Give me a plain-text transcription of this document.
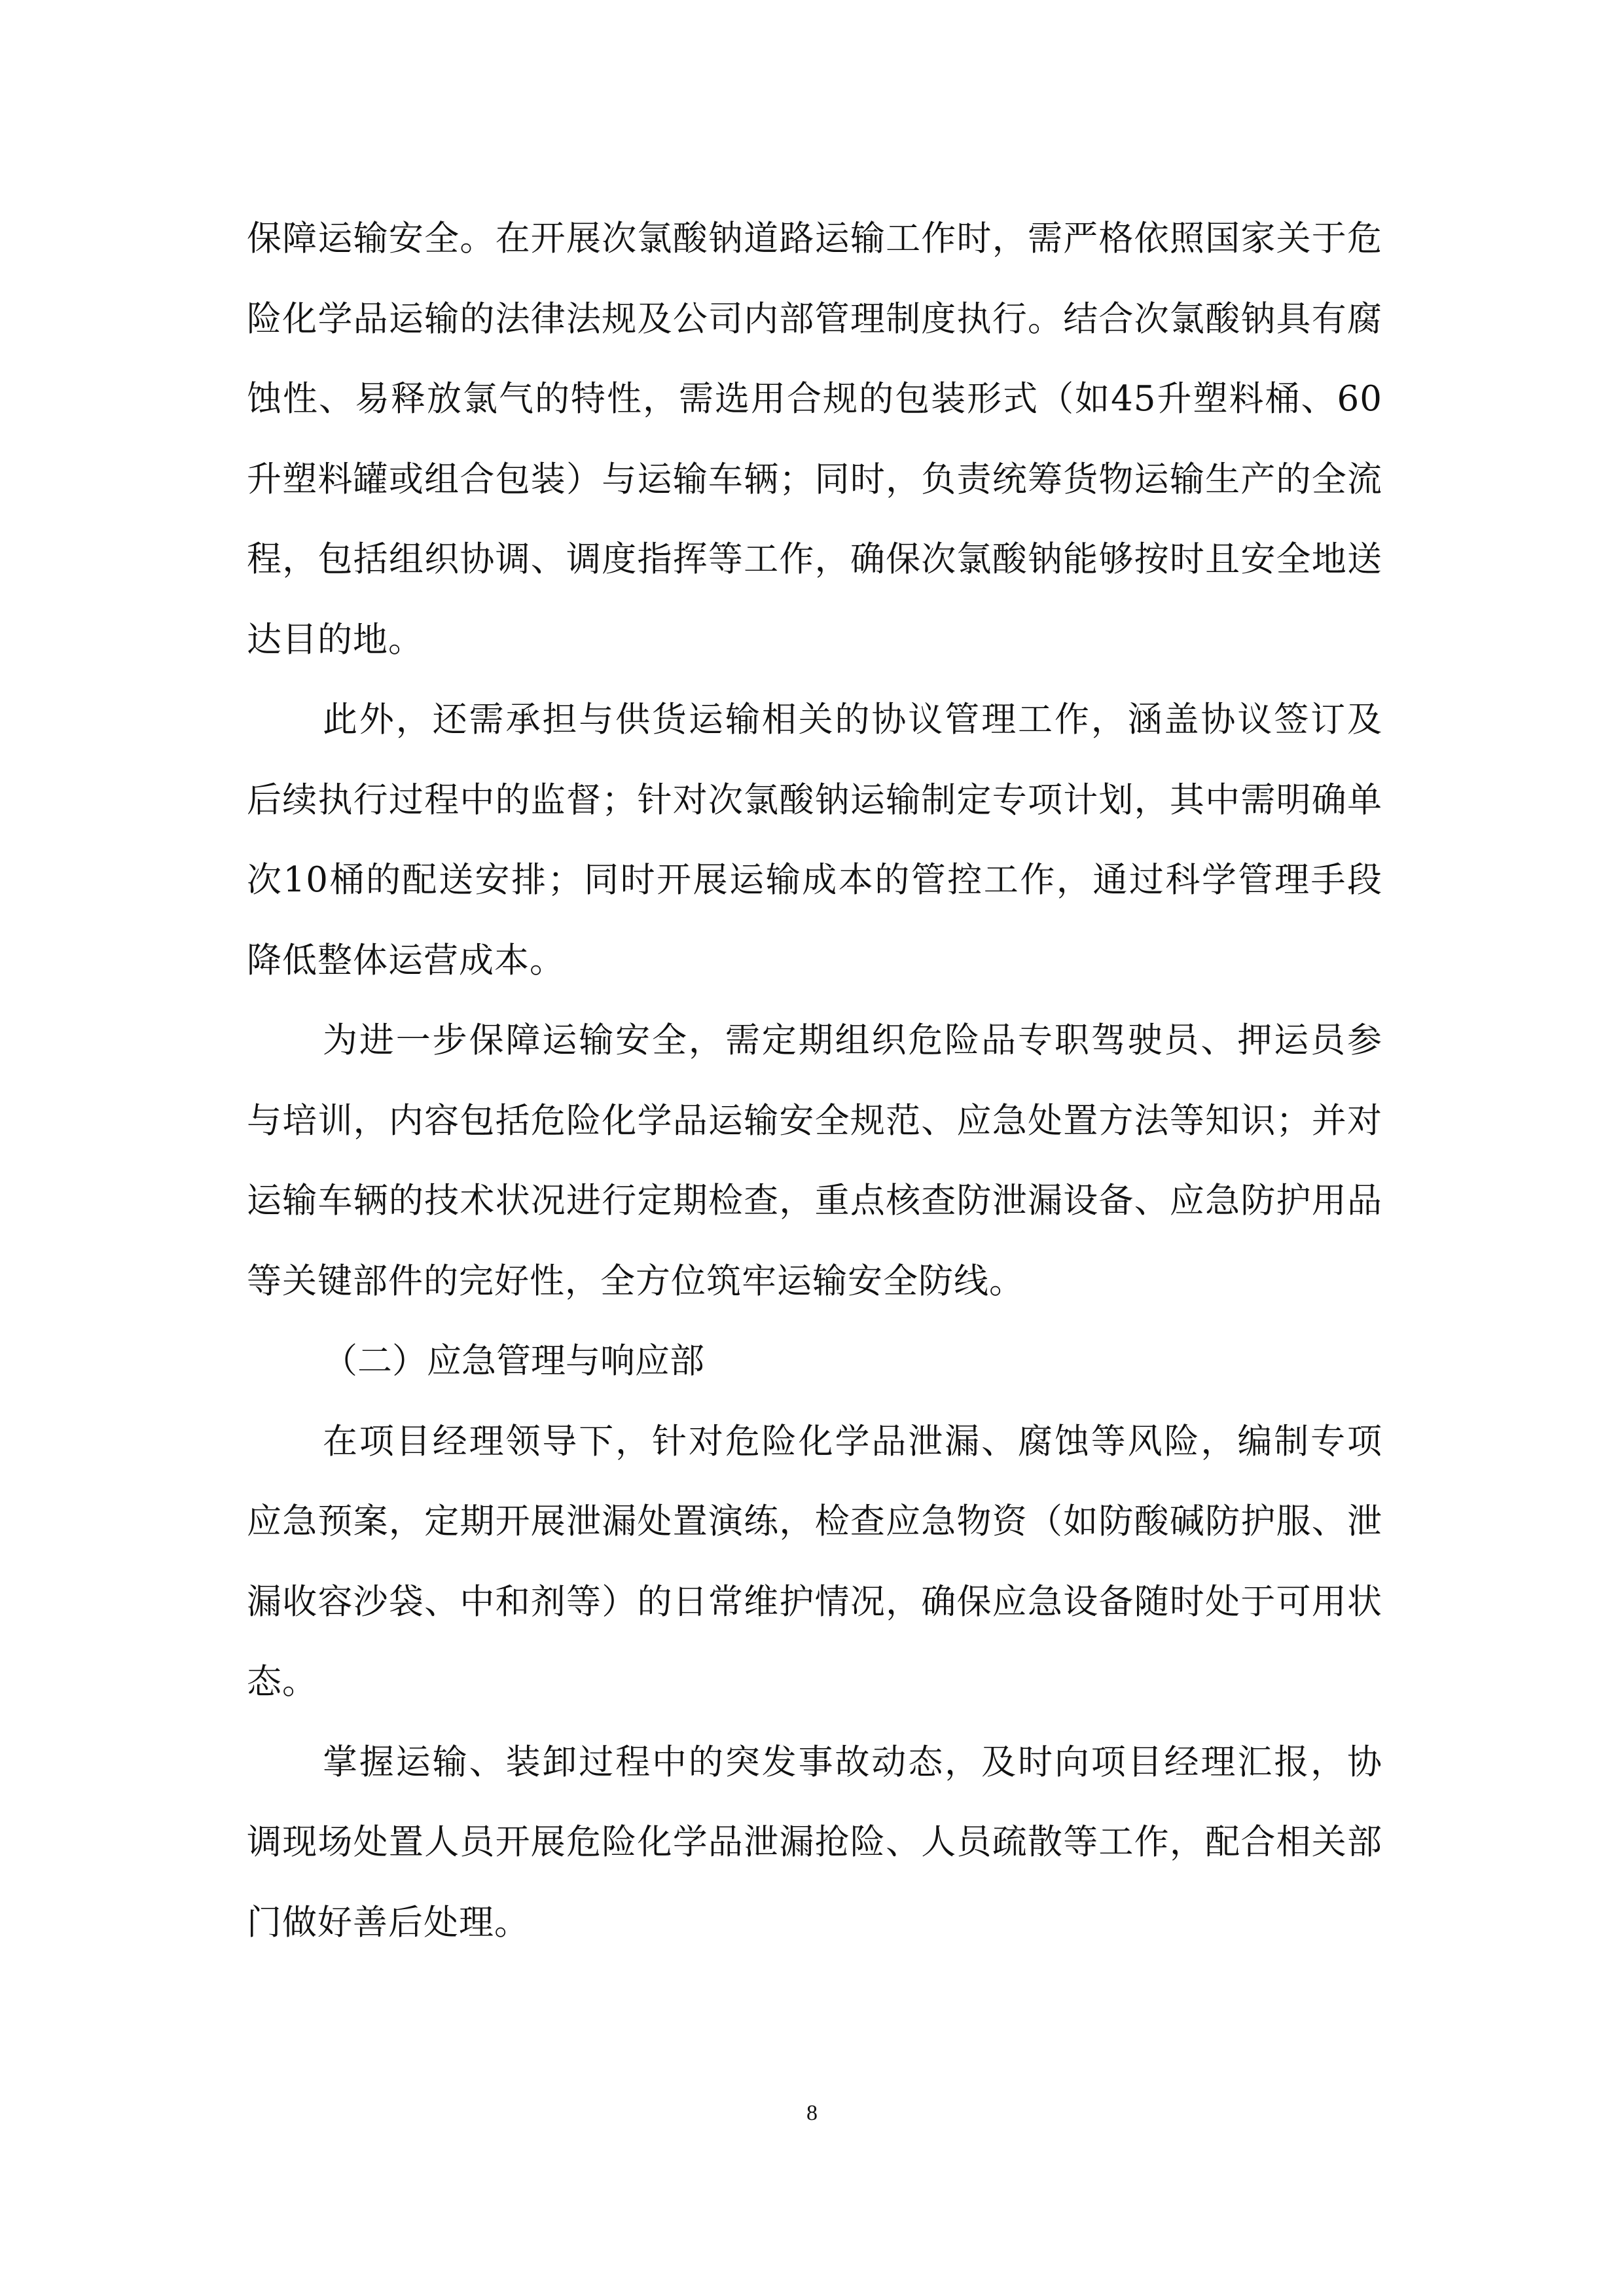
保障运输安全。在开展次氯酸钠道路运输工作时，需严格依照国家关于危险化学品运输的法律法规及公司内部管理制度执行。结合次氯酸钠具有腐蚀性、易释放氯气的特性，需选用合规的包装形式（如45升塑料桶、60升塑料罐或组合包装）与运输车辆；同时，负责统筹货物运输生产的全流程，包括组织协调、调度指挥等工作，确保次氯酸钠能够按时且安全地送达目的地。

此外，还需承担与供货运输相关的协议管理工作，涵盖协议签订及后续执行过程中的监督；针对次氯酸钠运输制定专项计划，其中需明确单次10桶的配送安排；同时开展运输成本的管控工作，通过科学管理手段降低整体运营成本。

为进一步保障运输安全，需定期组织危险品专职驾驶员、押运员参与培训，内容包括危险化学品运输安全规范、应急处置方法等知识；并对运输车辆的技术状况进行定期检查，重点核查防泄漏设备、应急防护用品等关键部件的完好性，全方位筑牢运输安全防线。

（二）应急管理与响应部

在项目经理领导下，针对危险化学品泄漏、腐蚀等风险，编制专项应急预案，定期开展泄漏处置演练，检查应急物资（如防酸碱防护服、泄漏收容沙袋、中和剂等）的日常维护情况，确保应急设备随时处于可用状态。

掌握运输、装卸过程中的突发事故动态，及时向项目经理汇报，协调现场处置人员开展危险化学品泄漏抢险、人员疏散等工作，配合相关部门做好善后处理。

8
